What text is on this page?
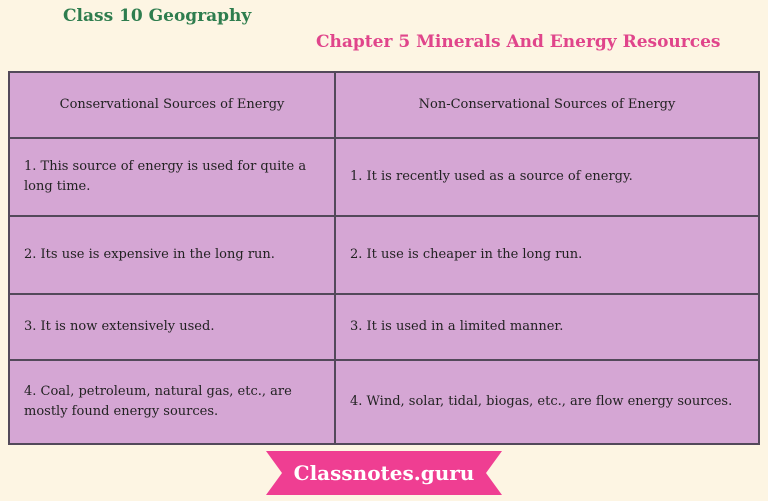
Class 10 Geography
Chapter 5 Minerals And Energy Resources
Conservational Sources of Energy	Non-Conservational Sources of Energy
1. This source of energy is used for quite a long time.	1. It is recently used as a source of energy.
2. Its use is expensive in the long run.	2. It use is cheaper in the long run.
3. It is now extensively used.	3. It is used in a limited manner.
4. Coal, petroleum, natural gas, etc., are mostly found energy sources.	4. Wind, solar, tidal, biogas, etc., are flow energy sources.
Classnotes.guru
